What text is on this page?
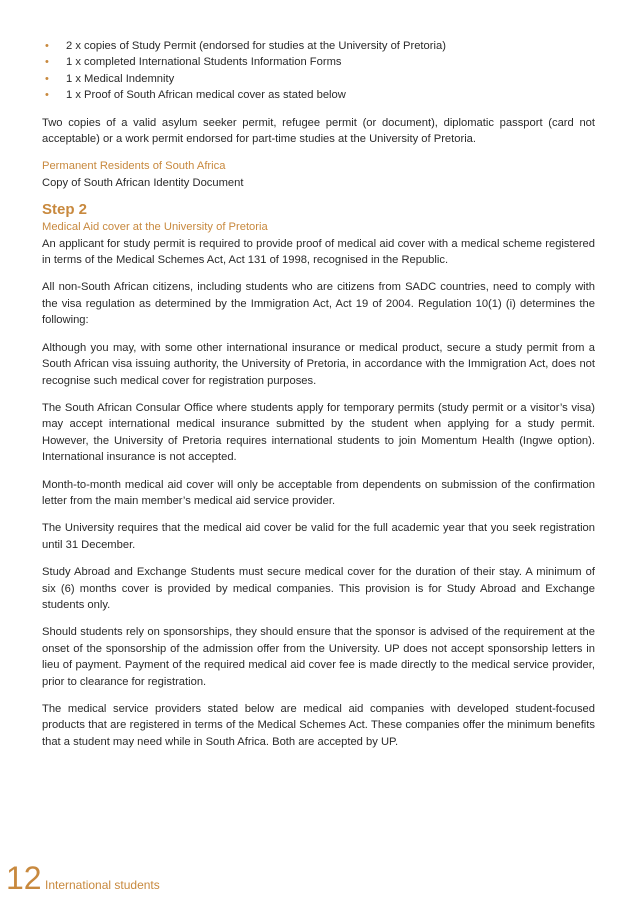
• 2 x copies of Study Permit (endorsed for studies at the University of Pretoria)
• 1 x completed International Students Information Forms
• 1 x Medical Indemnity
• 1 x Proof of South African medical cover as stated below

Two copies of a valid asylum seeker permit, refugee permit (or document), diplomatic passport (card not acceptable) or a work permit endorsed for part-time studies at the University of Pretoria.

Permanent Residents of South Africa
Copy of South African Identity Document
Step 2
Medical Aid cover at the University of Pretoria

An applicant for study permit is required to provide proof of medical aid cover with a medical scheme registered in terms of the Medical Schemes Act, Act 131 of 1998, recognised in the Republic.

All non-South African citizens, including students who are citizens from SADC countries, need to comply with the visa regulation as determined by the Immigration Act, Act 19 of 2004. Regulation 10(1) (i) determines the following:

Although you may, with some other international insurance or medical product, secure a study permit from a South African visa issuing authority, the University of Pretoria, in accordance with the Immigration Act, does not recognise such medical cover for registration purposes.

The South African Consular Office where students apply for temporary permits (study permit or a visitor’s visa) may accept international medical insurance submitted by the student when applying for a study permit. However, the University of Pretoria requires international students to join Momentum Health (Ingwe option). International insurance is not accepted.

Month-to-month medical aid cover will only be acceptable from dependents on submission of the confirmation letter from the main member’s medical aid service provider.

The University requires that the medical aid cover be valid for the full academic year that you seek registration until 31 December.

Study Abroad and Exchange Students must secure medical cover for the duration of their stay. A minimum of six (6) months cover is provided by medical companies. This provision is for Study Abroad and Exchange students only.

Should students rely on sponsorships, they should ensure that the sponsor is advised of the requirement at the onset of the sponsorship of the admission offer from the University. UP does not accept sponsorship letters in lieu of payment. Payment of the required medical aid cover fee is made directly to the medical service provider, prior to clearance for registration.

The medical service providers stated below are medical aid companies with developed student-focused products that are registered in terms of the Medical Schemes Act. These companies offer the minimum benefits that a student may need while in South Africa. Both are accepted by UP.

12 International students
